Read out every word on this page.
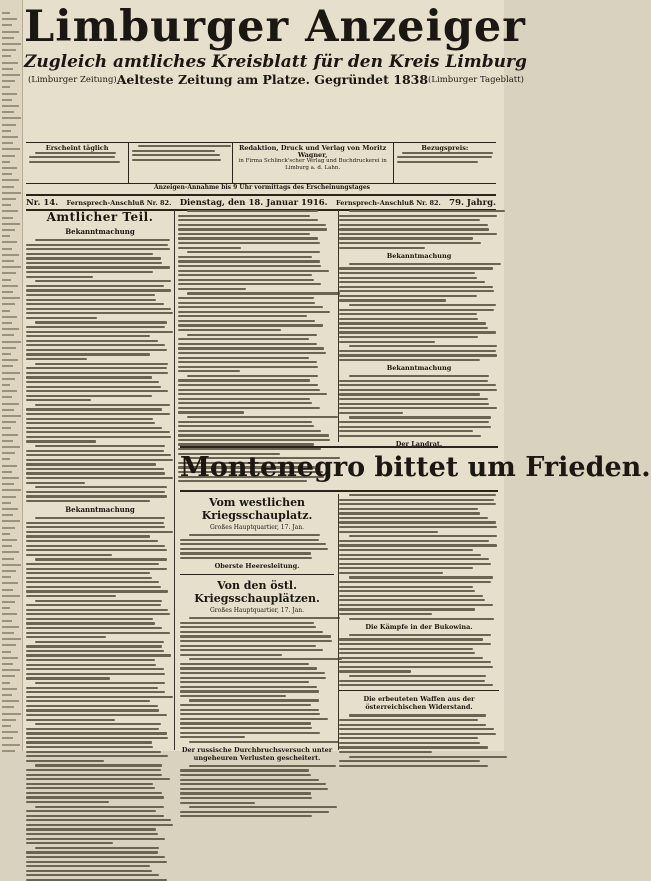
Limburger Anzeiger
Zugleich amtliches Kreisblatt für den Kreis Limburg
(Limburger Zeitung) Aelteste Zeitung am Platze. Gegründet 1838 (Limburger Tageblatt)
Erscheint täglich	Redaktion, Druck und Verlag von Moritz Wagner,
in Firma Schlinck'scher Verlag und Buchdruckerei in Limburg a. d. Lahn.
Bezugspreis:
Anzeigen-Annahme bis 9 Uhr vormittags des Erscheinungstages
Nr. 14. Fernsprech-Anschluß Nr. 82. Dienstag, den 18. Januar 1916. Fernsprech-Anschluß Nr. 82. 79. Jahrg.
Amtlicher Teil.
Bekanntmachung
Bekanntmachung
Bekanntmachung
Bekanntmachung
Der Landrat.
Montenegro bittet um Frieden.
Vom westlichen Kriegsschauplatz.
Großes Hauptquartier, 17. Jan.
Oberste Heeresleitung.
Von den östl. Kriegsschauplätzen.
Großes Hauptquartier, 17. Jan.
Der russische Durchbruchsversuch unter ungeheuren Verlusten gescheitert.
Die Kämpfe in der Bukowina.
Die erbeuteten Waffen aus der österreichischen Widerstand.
